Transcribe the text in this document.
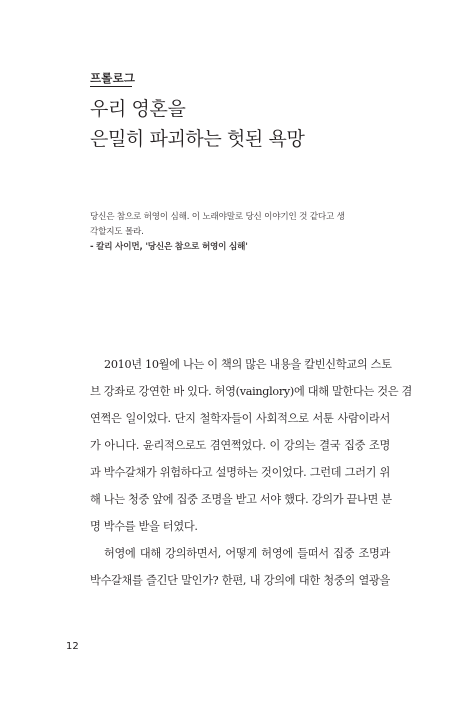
프롤로그
우리 영혼을
은밀히 파괴하는 헛된 욕망
당신은 참으로 허영이 심해. 이 노래야말로 당신 이야기인 것 같다고 생
각할지도 몰라.
- 칼리 사이먼, '당신은 참으로 허영이 심해'
2010년 10월에 나는 이 책의 많은 내용을 칼빈신학교의 스토
브 강좌로 강연한 바 있다. 허영(vainglory)에 대해 말한다는 것은 겸
연쩍은 일이었다. 단지 철학자들이 사회적으로 서툰 사람이라서
가 아니다. 윤리적으로도 겸연쩍었다. 이 강의는 결국 집중 조명
과 박수갈채가 위험하다고 설명하는 것이었다. 그런데 그러기 위
해 나는 청중 앞에 집중 조명을 받고 서야 했다. 강의가 끝나면 분
명 박수를 받을 터였다.
허영에 대해 강의하면서, 어떻게 허영에 들떠서 집중 조명과
박수갈채를 즐긴단 말인가? 한편, 내 강의에 대한 청중의 열광을
12
